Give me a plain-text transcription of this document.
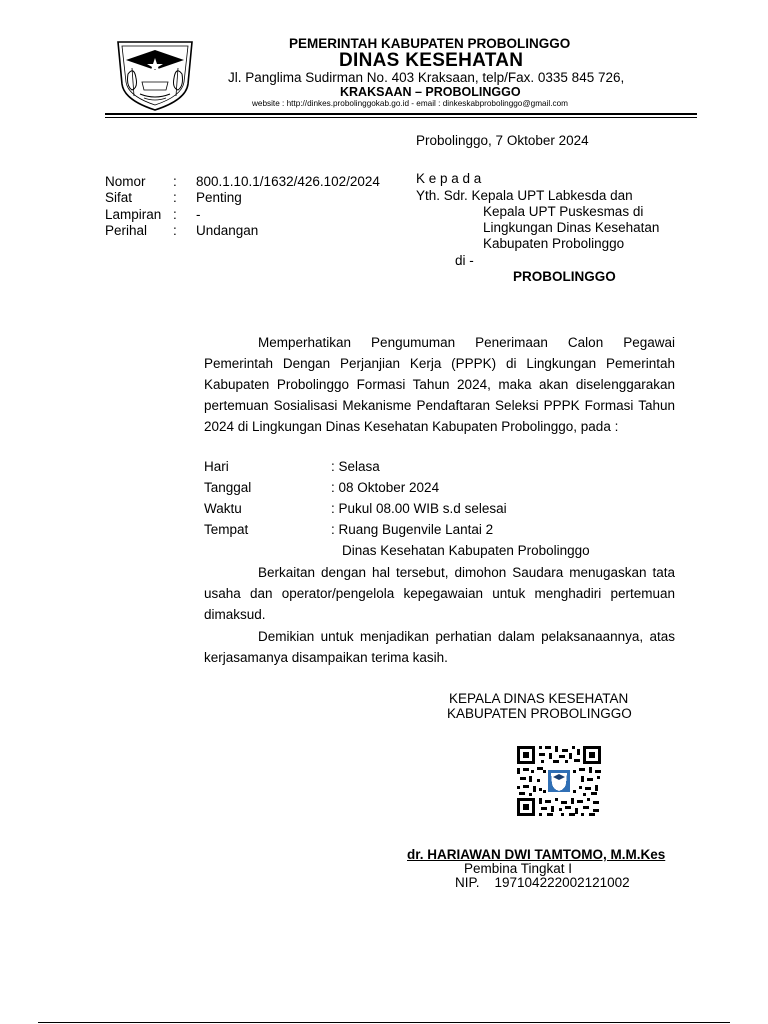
PEMERINTAH KABUPATEN PROBOLINGGO
DINAS KESEHATAN
Jl. Panglima Sudirman No. 403 Kraksaan, telp/Fax. 0335 845 726,
KRAKSAAN – PROBOLINGGO
website : http://dinkes.probolinggokab.go.id - email : dinkeskabprobolinggo@gmail.com
Probolinggo, 7 Oktober 2024
Nomor : 800.1.10.1/1632/426.102/2024
Sifat	: Penting
Lampiran : -
Perihal : Undangan
K e p a d a
Yth. Sdr. Kepala UPT Labkesda dan
Kepala UPT Puskesmas di
Lingkungan Dinas Kesehatan
Kabupaten Probolinggo
di -
PROBOLINGGO

Memperhatikan Pengumuman Penerimaan Calon Pegawai Pemerintah Dengan Perjanjian Kerja (PPPK) di Lingkungan Pemerintah Kabupaten Probolinggo Formasi Tahun 2024, maka akan diselenggarakan pertemuan Sosialisasi Mekanisme Pendaftaran Seleksi PPPK Formasi Tahun 2024 di Lingkungan Dinas Kesehatan Kabupaten Probolinggo, pada :

Hari	: Selasa
Tanggal	: 08 Oktober 2024
Waktu	: Pukul 08.00 WIB s.d selesai
Tempat	: Ruang Bugenvile Lantai 2
Dinas Kesehatan Kabupaten Probolinggo

Berkaitan dengan hal tersebut, dimohon Saudara menugaskan tata usaha dan operator/pengelola kepegawaian untuk menghadiri pertemuan dimaksud.

Demikian untuk menjadikan perhatian dalam pelaksanaannya, atas kerjasamanya disampaikan terima kasih.

KEPALA DINAS KESEHATAN
KABUPATEN PROBOLINGGO
dr. HARIAWAN DWI TAMTOMO, M.M.Kes
Pembina Tingkat I
NIP.    197104222002121002
